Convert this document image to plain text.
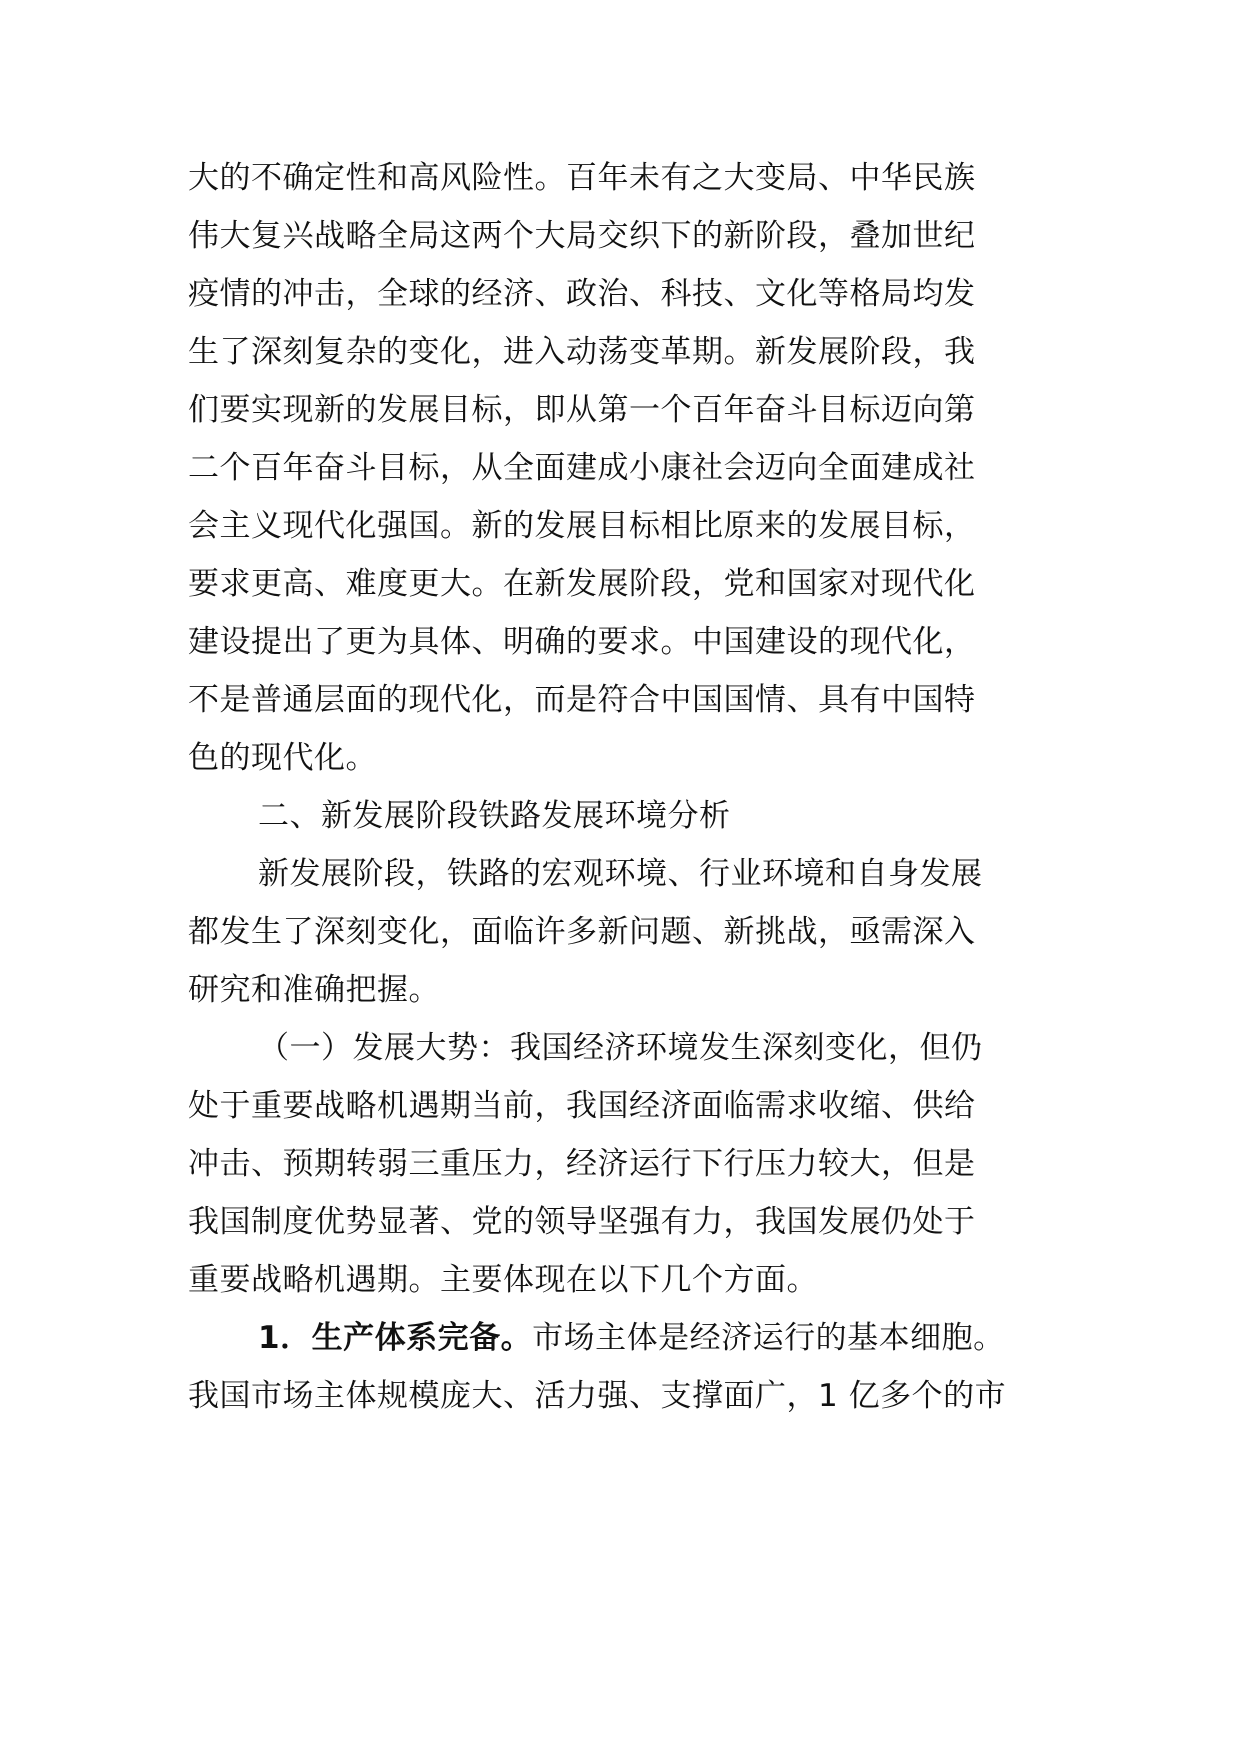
大的不确定性和高风险性。百年未有之大变局、中华民族
伟大复兴战略全局这两个大局交织下的新阶段，叠加世纪
疫情的冲击，全球的经济、政治、科技、文化等格局均发
生了深刻复杂的变化，进入动荡变革期。新发展阶段，我
们要实现新的发展目标，即从第一个百年奋斗目标迈向第
二个百年奋斗目标，从全面建成小康社会迈向全面建成社
会主义现代化强国。新的发展目标相比原来的发展目标，
要求更高、难度更大。在新发展阶段，党和国家对现代化
建设提出了更为具体、明确的要求。中国建设的现代化，
不是普通层面的现代化，而是符合中国国情、具有中国特
色的现代化。
二、新发展阶段铁路发展环境分析
新发展阶段，铁路的宏观环境、行业环境和自身发展
都发生了深刻变化，面临许多新问题、新挑战，亟需深入
研究和准确把握。
（一）发展大势：我国经济环境发生深刻变化，但仍
处于重要战略机遇期当前，我国经济面临需求收缩、供给
冲击、预期转弱三重压力，经济运行下行压力较大，但是
我国制度优势显著、党的领导坚强有力，我国发展仍处于
重要战略机遇期。主要体现在以下几个方面。
1．生产体系完备。市场主体是经济运行的基本细胞。
我国市场主体规模庞大、活力强、支撑面广，1 亿多个的市
